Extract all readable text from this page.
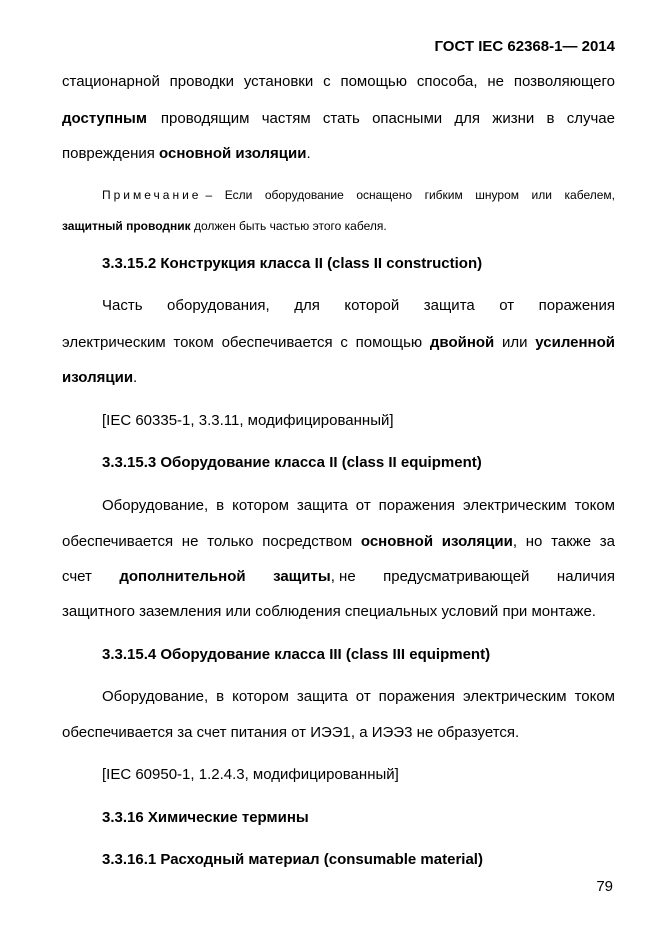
ГОСТ IEC 62368-1— 2014
стационарной проводки установки с помощью способа, не позволяющего
доступным проводящим частям стать опасными для жизни в случае
повреждения основной изоляции.
Примечание – Если оборудование оснащено гибким шнуром или кабелем,
защитный проводник должен быть частью этого кабеля.
3.3.15.2 Конструкция класса II (class II construction)
Часть оборудования, для которой защита от поражения
электрическим током обеспечивается с помощью двойной или усиленной
изоляции.
[IEC 60335-1, 3.3.11, модифицированный]
3.3.15.3 Оборудование класса II (class II equipment)
Оборудование, в котором защита от поражения электрическим током
обеспечивается не только посредством основной изоляции, но также за
счет дополнительной защиты, не предусматривающей наличия
защитного заземления или соблюдения специальных условий при монтаже.
3.3.15.4 Оборудование класса III (class III equipment)
Оборудование, в котором защита от поражения электрическим током
обеспечивается за счет питания от ИЭЭ1, а ИЭЭ3 не образуется.
[IEC 60950-1, 1.2.4.3, модифицированный]
3.3.16 Химические термины
3.3.16.1 Расходный материал (consumable material)
79
